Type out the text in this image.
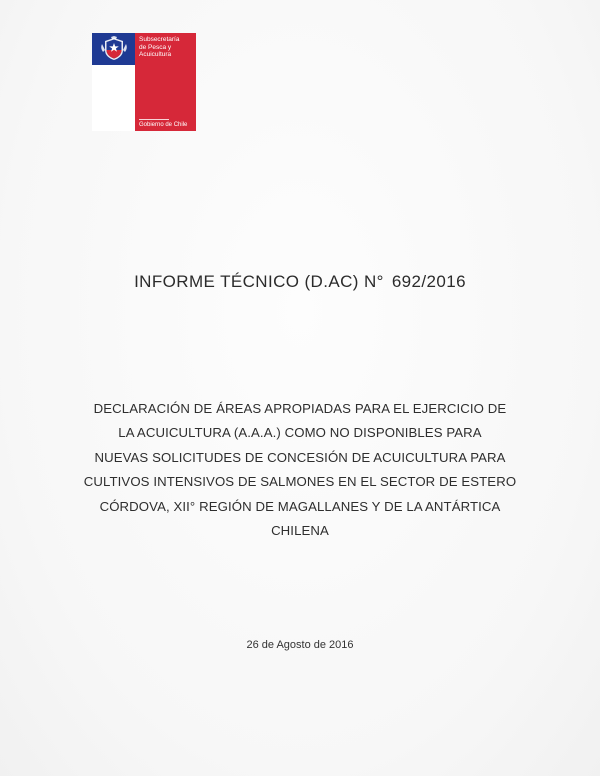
Subsecretaría
de Pesca y
Acuicultura
Gobierno de Chile
INFORME TÉCNICO (D.AC) N° 692/2016
DECLARACIÓN DE ÁREAS APROPIADAS PARA EL EJERCICIO DE
LA ACUICULTURA (A.A.A.) COMO NO DISPONIBLES PARA
NUEVAS SOLICITUDES DE CONCESIÓN DE ACUICULTURA PARA
CULTIVOS INTENSIVOS DE SALMONES EN EL SECTOR DE ESTERO
CÓRDOVA, XII° REGIÓN DE MAGALLANES Y DE LA ANTÁRTICA
CHILENA
26 de Agosto de 2016
